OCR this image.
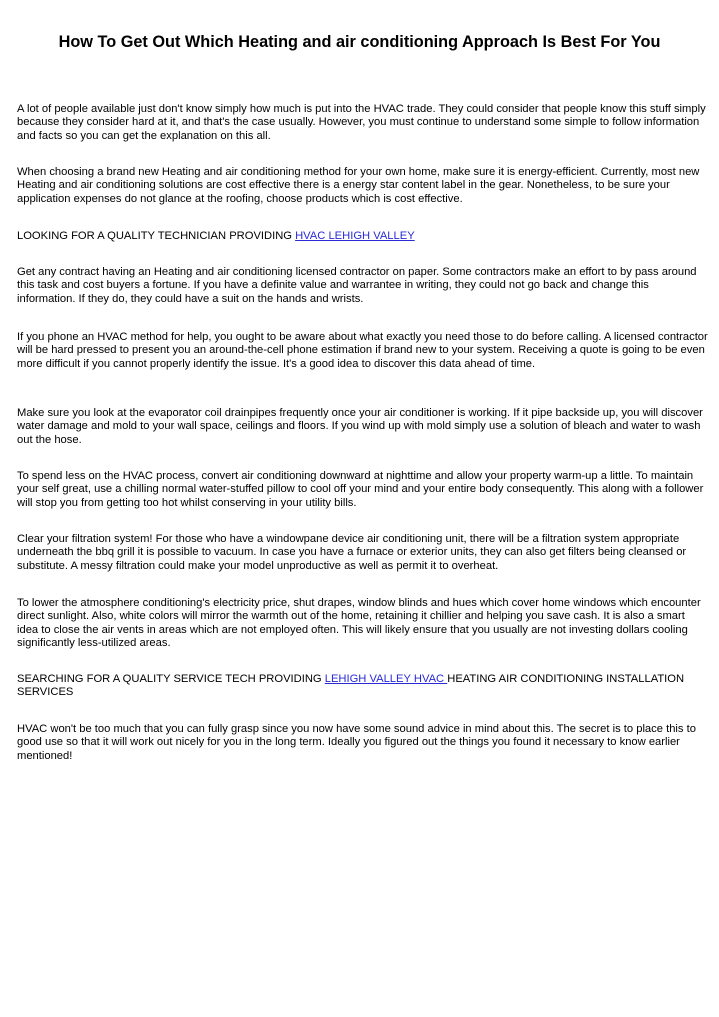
How To Get Out Which Heating and air conditioning Approach Is Best For You

A lot of people available just don't know simply how much is put into the HVAC trade. They could consider that people know this stuff simply because they consider hard at it, and that's the case usually. However, you must continue to understand some simple to follow information and facts so you can get the explanation on this all.

When choosing a brand new Heating and air conditioning method for your own home, make sure it is energy-efficient. Currently, most new Heating and air conditioning solutions are cost effective there is a energy star content label in the gear. Nonetheless, to be sure your application expenses do not glance at the roofing, choose products which is cost effective.

LOOKING FOR A QUALITY TECHNICIAN PROVIDING HVAC LEHIGH VALLEY

Get any contract having an Heating and air conditioning licensed contractor on paper. Some contractors make an effort to by pass around this task and cost buyers a fortune. If you have a definite value and warrantee in writing, they could not go back and change this information. If they do, they could have a suit on the hands and wrists.

If you phone an HVAC method for help, you ought to be aware about what exactly you need those to do before calling. A licensed contractor will be hard pressed to present you an around-the-cell phone estimation if brand new to your system. Receiving a quote is going to be even more difficult if you cannot properly identify the issue. It's a good idea to discover this data ahead of time.

Make sure you look at the evaporator coil drainpipes frequently once your air conditioner is working. If it pipe backside up, you will discover water damage and mold to your wall space, ceilings and floors. If you wind up with mold simply use a solution of bleach and water to wash out the hose.

To spend less on the HVAC process, convert air conditioning downward at nighttime and allow your property warm-up a little. To maintain your self great, use a chilling normal water-stuffed pillow to cool off your mind and your entire body consequently. This along with a follower will stop you from getting too hot whilst conserving in your utility bills.

Clear your filtration system! For those who have a windowpane device air conditioning unit, there will be a filtration system appropriate underneath the bbq grill it is possible to vacuum. In case you have a furnace or exterior units, they can also get filters being cleansed or substitute. A messy filtration could make your model unproductive as well as permit it to overheat.

To lower the atmosphere conditioning's electricity price, shut drapes, window blinds and hues which cover home windows which encounter direct sunlight. Also, white colors will mirror the warmth out of the home, retaining it chillier and helping you save cash. It is also a smart idea to close the air vents in areas which are not employed often. This will likely ensure that you usually are not investing dollars cooling significantly less-utilized areas.

SEARCHING FOR A QUALITY SERVICE TECH PROVIDING LEHIGH VALLEY HVAC HEATING AIR CONDITIONING INSTALLATION SERVICES

HVAC won't be too much that you can fully grasp since you now have some sound advice in mind about this. The secret is to place this to good use so that it will work out nicely for you in the long term. Ideally you figured out the things you found it necessary to know earlier mentioned!
